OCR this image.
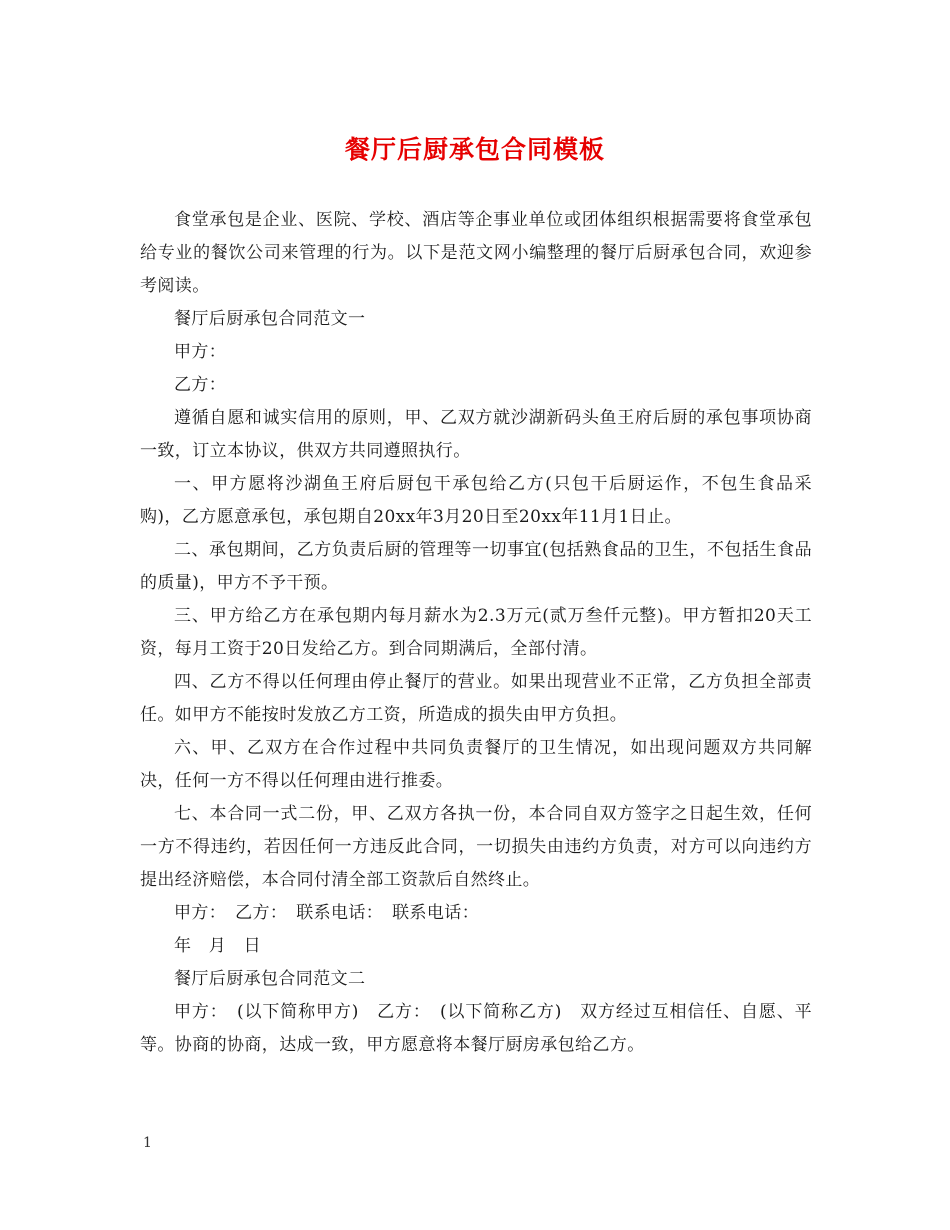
餐厅后厨承包合同模板

食堂承包是企业、医院、学校、酒店等企事业单位或团体组织根据需要将食堂承包给专业的餐饮公司来管理的行为。以下是范文网小编整理的餐厅后厨承包合同，欢迎参考阅读。

餐厅后厨承包合同范文一

甲方：

乙方：

遵循自愿和诚实信用的原则，甲、乙双方就沙湖新码头鱼王府后厨的承包事项协商一致，订立本协议，供双方共同遵照执行。

一、甲方愿将沙湖鱼王府后厨包干承包给乙方(只包干后厨运作，不包生食品采购)，乙方愿意承包，承包期自20xx年3月20日至20xx年11月1日止。

二、承包期间，乙方负责后厨的管理等一切事宜(包括熟食品的卫生，不包括生食品的质量)，甲方不予干预。

三、甲方给乙方在承包期内每月薪水为2.3万元(贰万叁仟元整)。甲方暂扣20天工资，每月工资于20日发给乙方。到合同期满后，全部付清。

四、乙方不得以任何理由停止餐厅的营业。如果出现营业不正常，乙方负担全部责任。如甲方不能按时发放乙方工资，所造成的损失由甲方负担。

六、甲、乙双方在合作过程中共同负责餐厅的卫生情况，如出现问题双方共同解决，任何一方不得以任何理由进行推委。

七、本合同一式二份，甲、乙双方各执一份，本合同自双方签字之日起生效，任何一方不得违约，若因任何一方违反此合同，一切损失由违约方负责，对方可以向违约方提出经济赔偿，本合同付清全部工资款后自然终止。

甲方：　乙方：　联系电话：　联系电话：

年　月　日

餐厅后厨承包合同范文二

甲方：　(以下简称甲方)　乙方：　(以下简称乙方)　双方经过互相信任、自愿、平等。协商的协商，达成一致，甲方愿意将本餐厅厨房承包给乙方。

1
